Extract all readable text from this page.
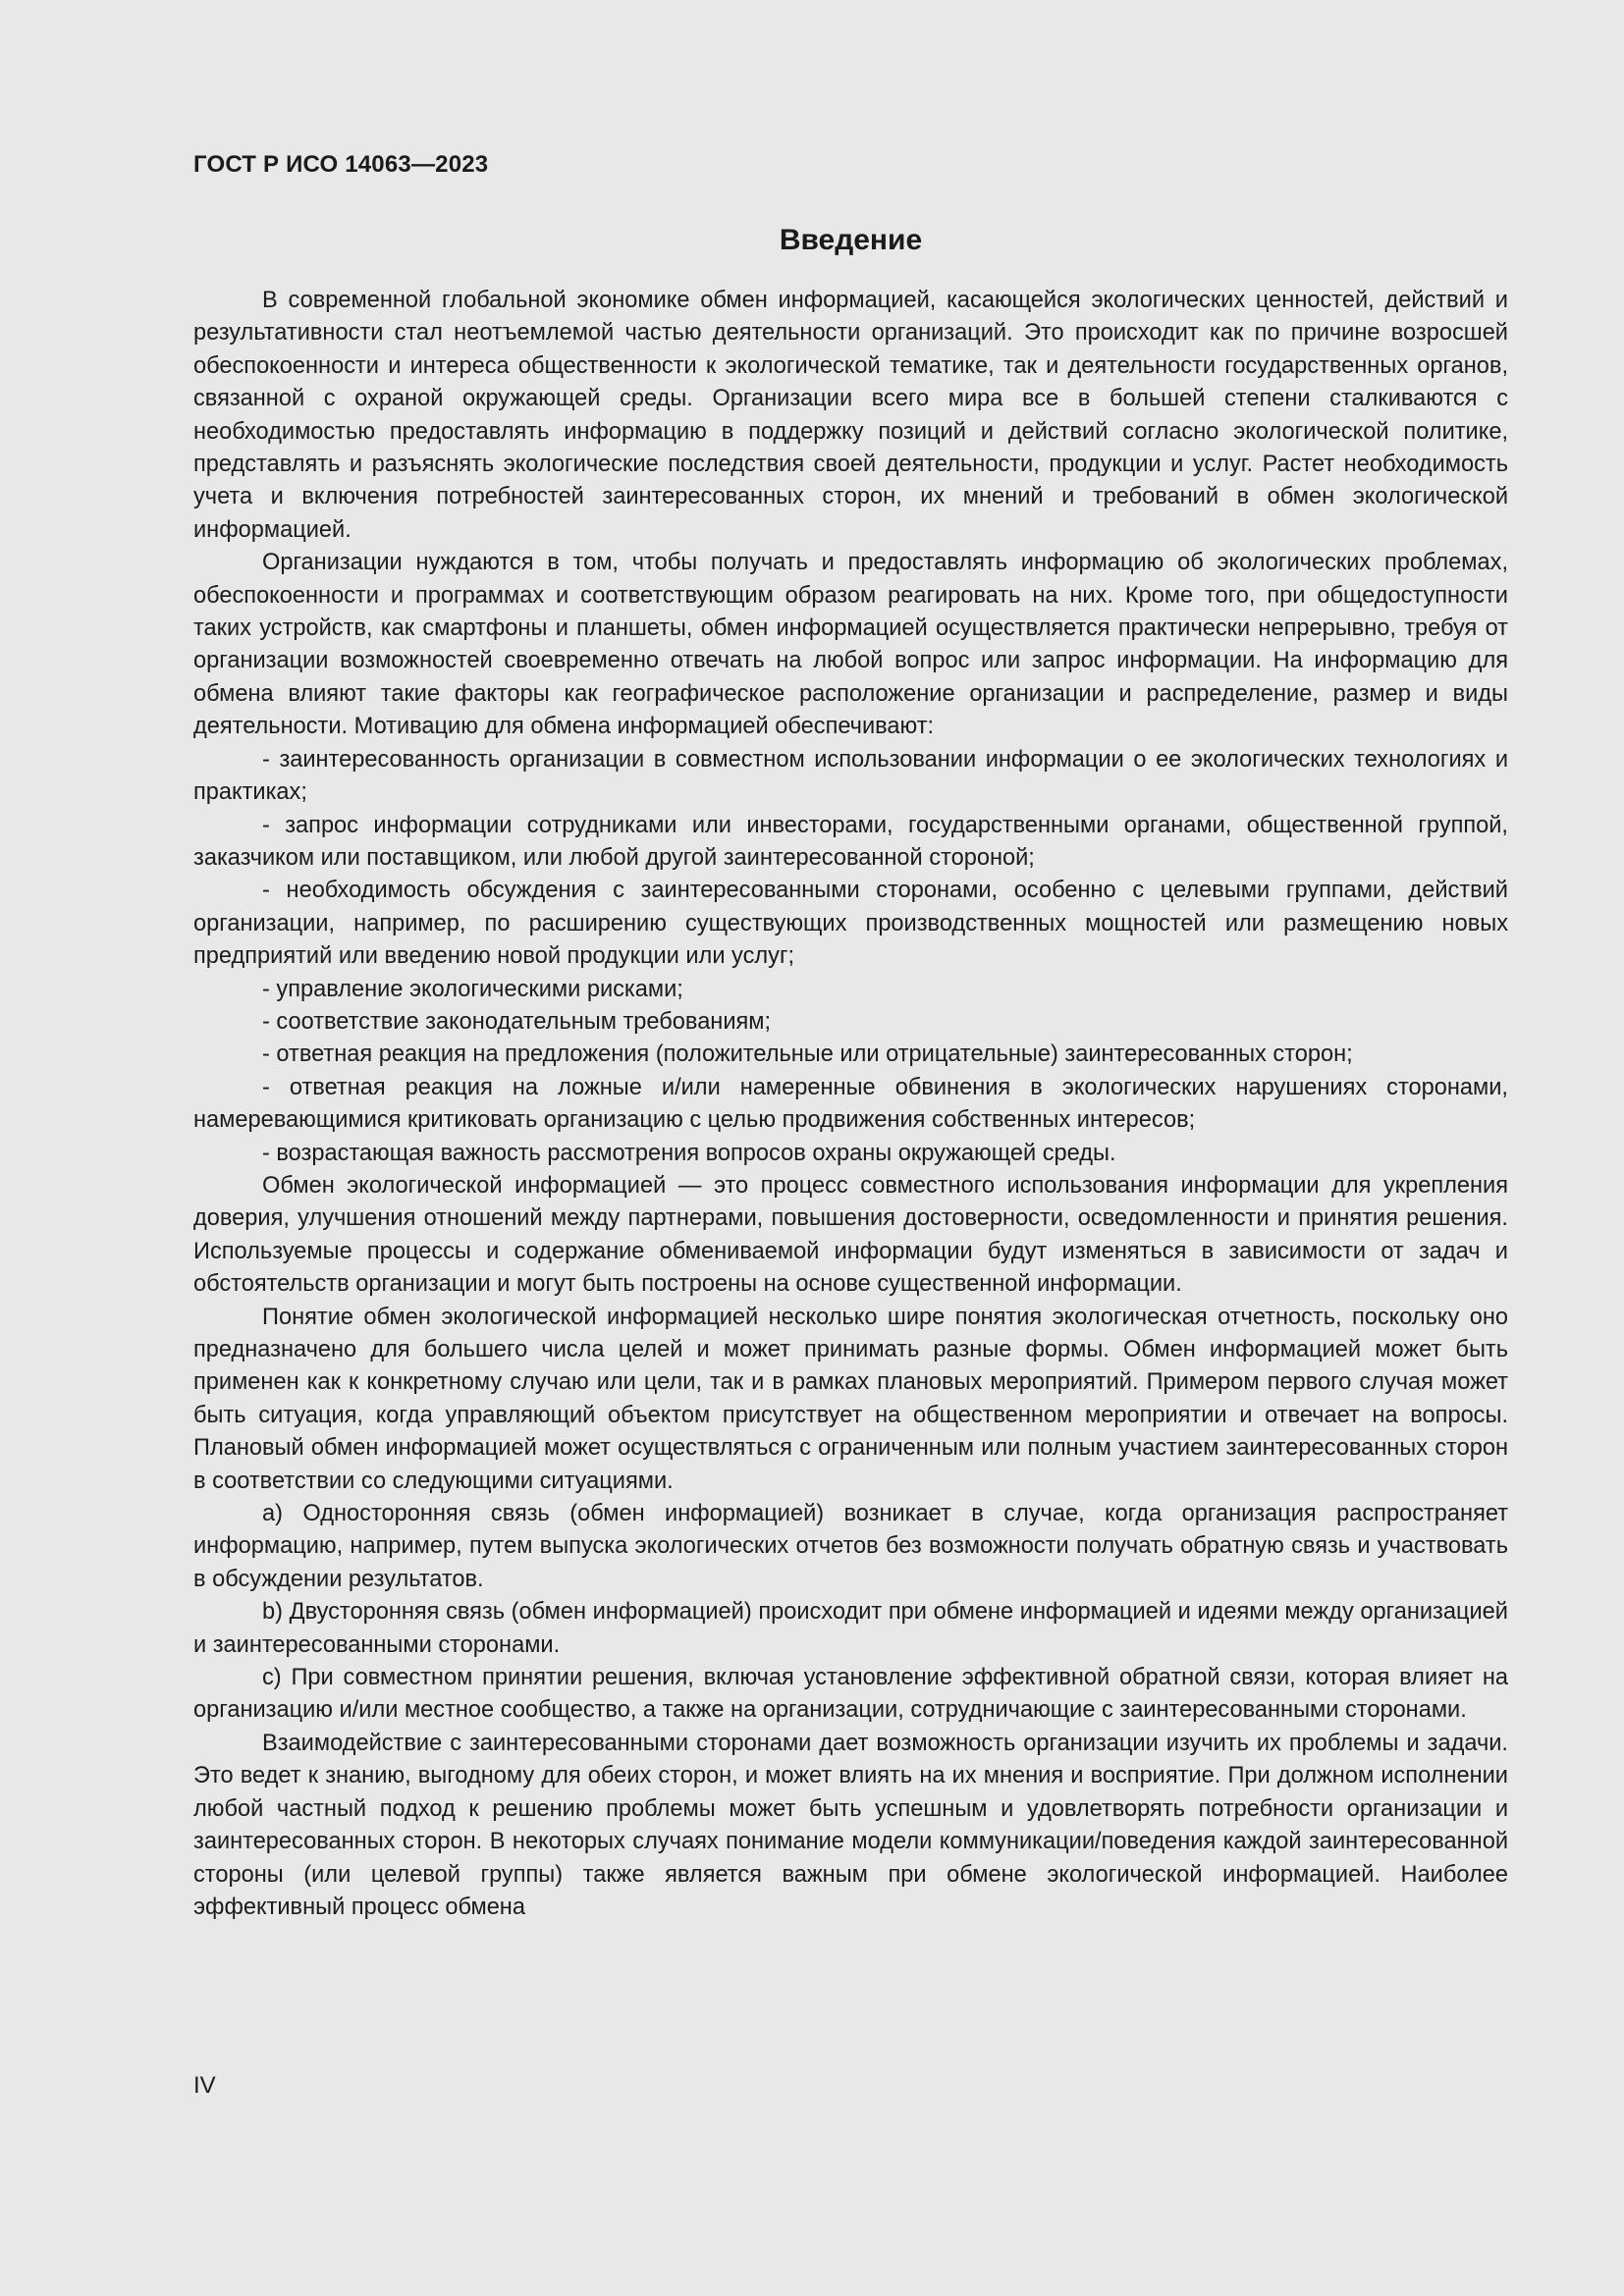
ГОСТ Р ИСО 14063—2023
Введение

В современной глобальной экономике обмен информацией, касающейся экологических ценностей, действий и результативности стал неотъемлемой частью деятельности организаций. Это происходит как по причине возросшей обеспокоенности и интереса общественности к экологической тематике, так и деятельности государственных органов, связанной с охраной окружающей среды. Организации всего мира все в большей степени сталкиваются с необходимостью предоставлять информацию в поддержку позиций и действий согласно экологической политике, представлять и разъяснять экологические последствия своей деятельности, продукции и услуг. Растет необходимость учета и включения потребностей заинтересованных сторон, их мнений и требований в обмен экологической информацией.

Организации нуждаются в том, чтобы получать и предоставлять информацию об экологических проблемах, обеспокоенности и программах и соответствующим образом реагировать на них. Кроме того, при общедоступности таких устройств, как смартфоны и планшеты, обмен информацией осуществляется практически непрерывно, требуя от организации возможностей своевременно отвечать на любой вопрос или запрос информации. На информацию для обмена влияют такие факторы как географическое расположение организации и распределение, размер и виды деятельности. Мотивацию для обмена информацией обеспечивают:

- заинтересованность организации в совместном использовании информации о ее экологических технологиях и практиках;

- запрос информации сотрудниками или инвесторами, государственными органами, общественной группой, заказчиком или поставщиком, или любой другой заинтересованной стороной;

- необходимость обсуждения с заинтересованными сторонами, особенно с целевыми группами, действий организации, например, по расширению существующих производственных мощностей или размещению новых предприятий или введению новой продукции или услуг;

- управление экологическими рисками;

- соответствие законодательным требованиям;

- ответная реакция на предложения (положительные или отрицательные) заинтересованных сторон;

- ответная реакция на ложные и/или намеренные обвинения в экологических нарушениях сторонами, намеревающимися критиковать организацию с целью продвижения собственных интересов;

- возрастающая важность рассмотрения вопросов охраны окружающей среды.

Обмен экологической информацией — это процесс совместного использования информации для укрепления доверия, улучшения отношений между партнерами, повышения достоверности, осведомленности и принятия решения. Используемые процессы и содержание обмениваемой информации будут изменяться в зависимости от задач и обстоятельств организации и могут быть построены на основе существенной информации.

Понятие обмен экологической информацией несколько шире понятия экологическая отчетность, поскольку оно предназначено для большего числа целей и может принимать разные формы. Обмен информацией может быть применен как к конкретному случаю или цели, так и в рамках плановых мероприятий. Примером первого случая может быть ситуация, когда управляющий объектом присутствует на общественном мероприятии и отвечает на вопросы. Плановый обмен информацией может осуществляться с ограниченным или полным участием заинтересованных сторон в соответствии со следующими ситуациями.

a) Односторонняя связь (обмен информацией) возникает в случае, когда организация распространяет информацию, например, путем выпуска экологических отчетов без возможности получать обратную связь и участвовать в обсуждении результатов.

b) Двусторонняя связь (обмен информацией) происходит при обмене информацией и идеями между организацией и заинтересованными сторонами.

c) При совместном принятии решения, включая установление эффективной обратной связи, которая влияет на организацию и/или местное сообщество, а также на организации, сотрудничающие с заинтересованными сторонами.

Взаимодействие с заинтересованными сторонами дает возможность организации изучить их проблемы и задачи. Это ведет к знанию, выгодному для обеих сторон, и может влиять на их мнения и восприятие. При должном исполнении любой частный подход к решению проблемы может быть успешным и удовлетворять потребности организации и заинтересованных сторон. В некоторых случаях понимание модели коммуникации/поведения каждой заинтересованной стороны (или целевой группы) также является важным при обмене экологической информацией. Наиболее эффективный процесс обмена

IV
